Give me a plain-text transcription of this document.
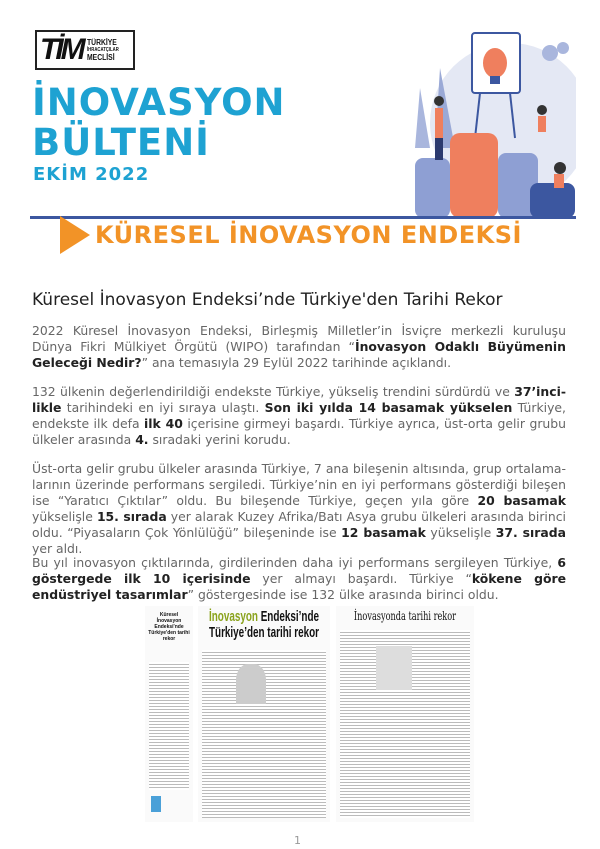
TİM TÜRKİYE
İHRACATÇILAR
MECLİSİ
İNOVASYON
BÜLTENİ
EKİM 2022
KÜRESEL İNOVASYON ENDEKSİ
Küresel İnovasyon Endeksi’nde Türkiye'den Tarihi Rekor
2022 Küresel İnovasyon Endeksi, Birleşmiş Milletler’in İsviçre merkezli kuruluşu Dünya Fikri Mülkiyet Örgütü (WIPO) tarafından “İnovasyon Odaklı Büyümenin Geleceği Nedir?” ana temasıyla 29 Eylül 2022 tarihinde açıklandı.
132 ülkenin değerlendirildiği endekste Türkiye, yükseliş trendini sürdürdü ve 37’incilikle tarihindeki en iyi sıraya ulaştı. Son iki yılda 14 basamak yükselen Türkiye, endekste ilk defa ilk 40 içerisine girmeyi başardı. Türkiye ayrıca, üst-orta gelir grubu ülkeler arasında 4. sıradaki yerini korudu.
Üst-orta gelir grubu ülkeler arasında Türkiye, 7 ana bileşenin altısında, grup ortalamalarının üzerinde performans sergiledi. Türkiye’nin en iyi performans gösterdiği bileşen ise “Yaratıcı Çıktılar” oldu. Bu bileşende Türkiye, geçen yıla göre 20 basamak yükselişle 15. sırada yer alarak Kuzey Afrika/Batı Asya grubu ülkeleri arasında birinci oldu. “Piyasaların Çok Yönlülüğü” bileşeninde ise 12 basamak yükselişle 37. sırada yer aldı.
Bu yıl inovasyon çıktılarında, girdilerinden daha iyi performans sergileyen Türkiye, 6 göstergede ilk 10 içerisinde yer almayı başardı. Türkiye “kökene göre endüstriyel tasarımlar” göstergesinde ise 132 ülke arasında birinci oldu.
Küresel İnovasyon Endeksi'nde Türkiye'den tarihi rekor
İnovasyon Endeksi’nde
Türkiye’den tarihi rekor
İnovasyonda tarihi rekor
1
